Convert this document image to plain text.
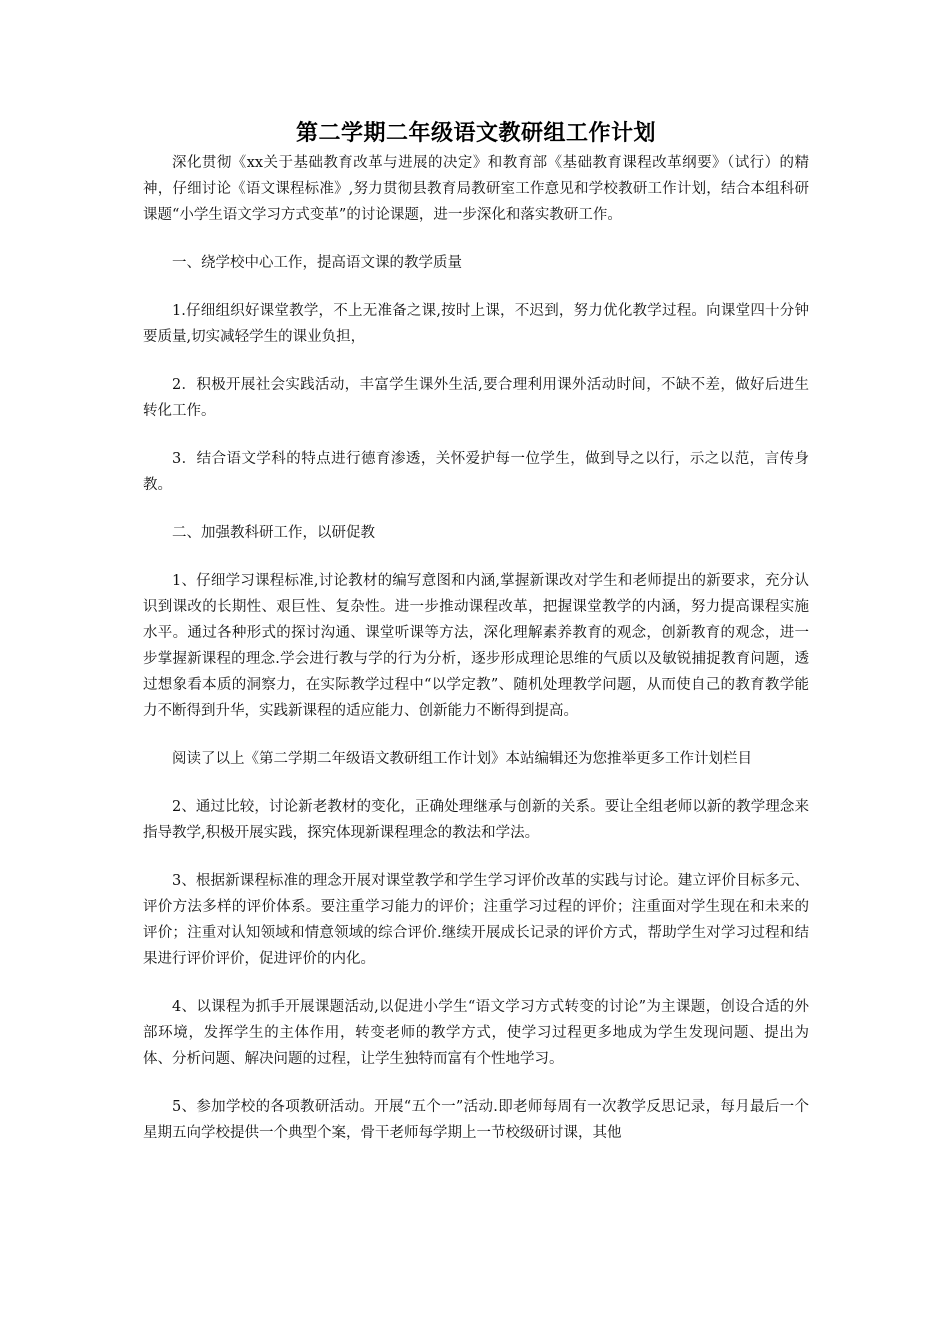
第二学期二年级语文教研组工作计划

深化贯彻《xx关于基础教育改革与进展的决定》和教育部《基础教育课程改革纲要》（试行）的精神，仔细讨论《语文课程标准》,努力贯彻县教育局教研室工作意见和学校教研工作计划，结合本组科研课题“小学生语文学习方式变革”的讨论课题，进一步深化和落实教研工作。

一、绕学校中心工作，提高语文课的教学质量

1.仔细组织好课堂教学，不上无准备之课,按时上课，不迟到，努力优化教学过程。向课堂四十分钟要质量,切实减轻学生的课业负担，

2．积极开展社会实践活动，丰富学生课外生活,要合理利用课外活动时间，不缺不差，做好后进生转化工作。

3．结合语文学科的特点进行德育渗透，关怀爱护每一位学生，做到导之以行，示之以范，言传身教。

二、加强教科研工作，以研促教

1、仔细学习课程标准,讨论教材的编写意图和内涵,掌握新课改对学生和老师提出的新要求，充分认识到课改的长期性、艰巨性、复杂性。进一步推动课程改革，把握课堂教学的内涵，努力提高课程实施水平。通过各种形式的探讨沟通、课堂听课等方法，深化理解素养教育的观念，创新教育的观念，进一步掌握新课程的理念.学会进行教与学的行为分析，逐步形成理论思维的气质以及敏锐捕捉教育问题，透过想象看本质的洞察力，在实际教学过程中“以学定教”、随机处理教学问题，从而使自己的教育教学能力不断得到升华，实践新课程的适应能力、创新能力不断得到提高。

阅读了以上《第二学期二年级语文教研组工作计划》本站编辑还为您推举更多工作计划栏目

2、通过比较，讨论新老教材的变化，正确处理继承与创新的关系。要让全组老师以新的教学理念来指导教学,积极开展实践，探究体现新课程理念的教法和学法。

3、根据新课程标准的理念开展对课堂教学和学生学习评价改革的实践与讨论。建立评价目标多元、评价方法多样的评价体系。要注重学习能力的评价；注重学习过程的评价；注重面对学生现在和未来的评价；注重对认知领域和情意领域的综合评价.继续开展成长记录的评价方式，帮助学生对学习过程和结果进行评价评价，促进评价的内化。

4、以课程为抓手开展课题活动,以促进小学生“语文学习方式转变的讨论”为主课题，创设合适的外部环境，发挥学生的主体作用，转变老师的教学方式，使学习过程更多地成为学生发现问题、提出为体、分析问题、解决问题的过程，让学生独特而富有个性地学习。

5、参加学校的各项教研活动。开展“五个一”活动.即老师每周有一次教学反思记录，每月最后一个星期五向学校提供一个典型个案，骨干老师每学期上一节校级研讨课，其他
